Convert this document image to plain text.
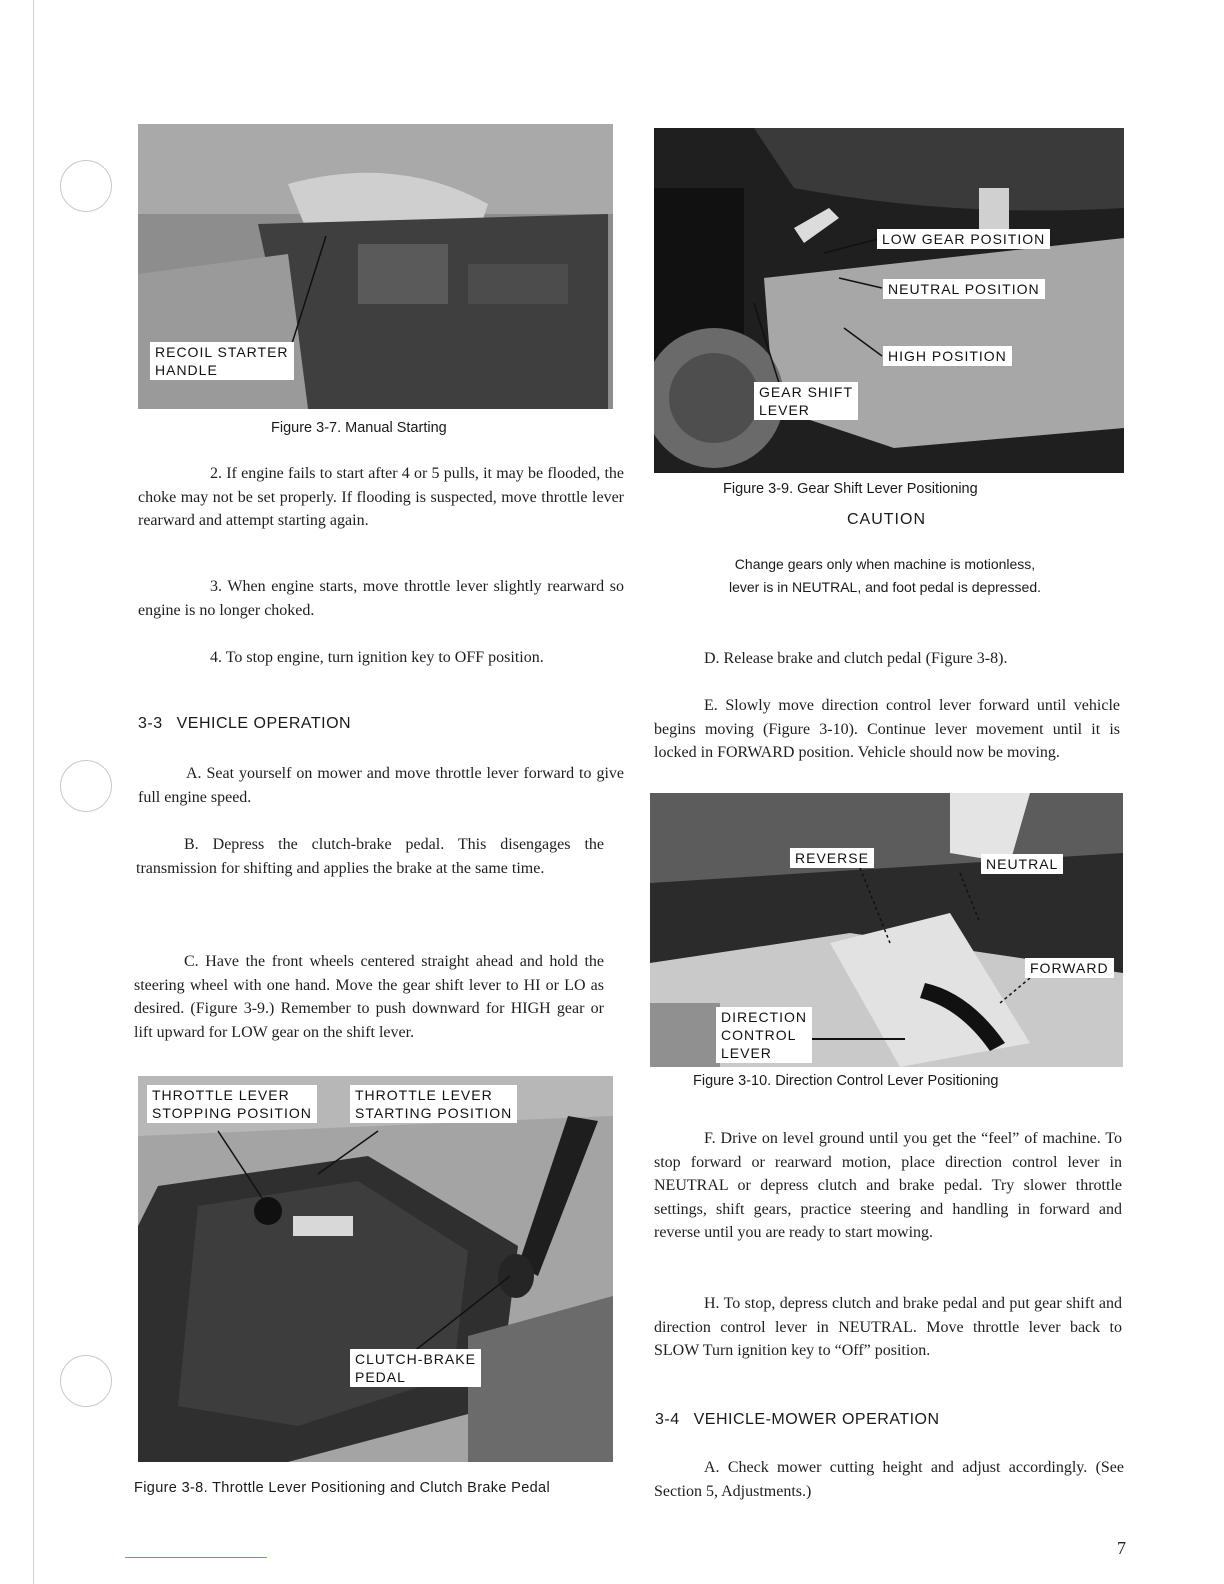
RECOIL STARTER
HANDLE
Figure 3-7. Manual Starting

2. If engine fails to start after 4 or 5 pulls, it may be flooded, the choke may not be set properly. If flooding is suspected, move throttle lever rearward and attempt starting again.

3. When engine starts, move throttle lever slightly rearward so engine is no longer choked.

4. To stop engine, turn ignition key to OFF position.

3-3 VEHICLE OPERATION

A. Seat yourself on mower and move throttle lever forward to give full engine speed.

B. Depress the clutch-brake pedal. This disengages the transmission for shifting and applies the brake at the same time.

C. Have the front wheels centered straight ahead and hold the steering wheel with one hand. Move the gear shift lever to HI or LO as desired. (Figure 3-9.) Remember to push downward for HIGH gear or lift upward for LOW gear on the shift lever.

THROTTLE LEVER
STOPPING POSITION
THROTTLE LEVER
STARTING POSITION
CLUTCH-BRAKE
PEDAL
Figure 3-8. Throttle Lever Positioning and Clutch Brake Pedal
LOW GEAR POSITION
NEUTRAL POSITION
HIGH POSITION
GEAR SHIFT
LEVER
Figure 3-9. Gear Shift Lever Positioning
CAUTION
Change gears only when machine is motionless,
lever is in NEUTRAL, and foot pedal is depressed.

D. Release brake and clutch pedal (Figure 3-8).

E. Slowly move direction control lever forward until vehicle begins moving (Figure 3-10). Continue lever movement until it is locked in FORWARD position. Vehicle should now be moving.

REVERSE	NEUTRAL
FORWARD
DIRECTION
CONTROL
LEVER
Figure 3-10. Direction Control Lever Positioning

F. Drive on level ground until you get the “feel” of machine. To stop forward or rearward motion, place direction control lever in NEUTRAL or depress clutch and brake pedal. Try slower throttle settings, shift gears, practice steering and handling in forward and reverse until you are ready to start mowing.

H. To stop, depress clutch and brake pedal and put gear shift and direction control lever in NEUTRAL. Move throttle lever back to SLOW Turn ignition key to “Off” position.

3-4 VEHICLE-MOWER OPERATION

A. Check mower cutting height and adjust accordingly. (See Section 5, Adjustments.)

7
